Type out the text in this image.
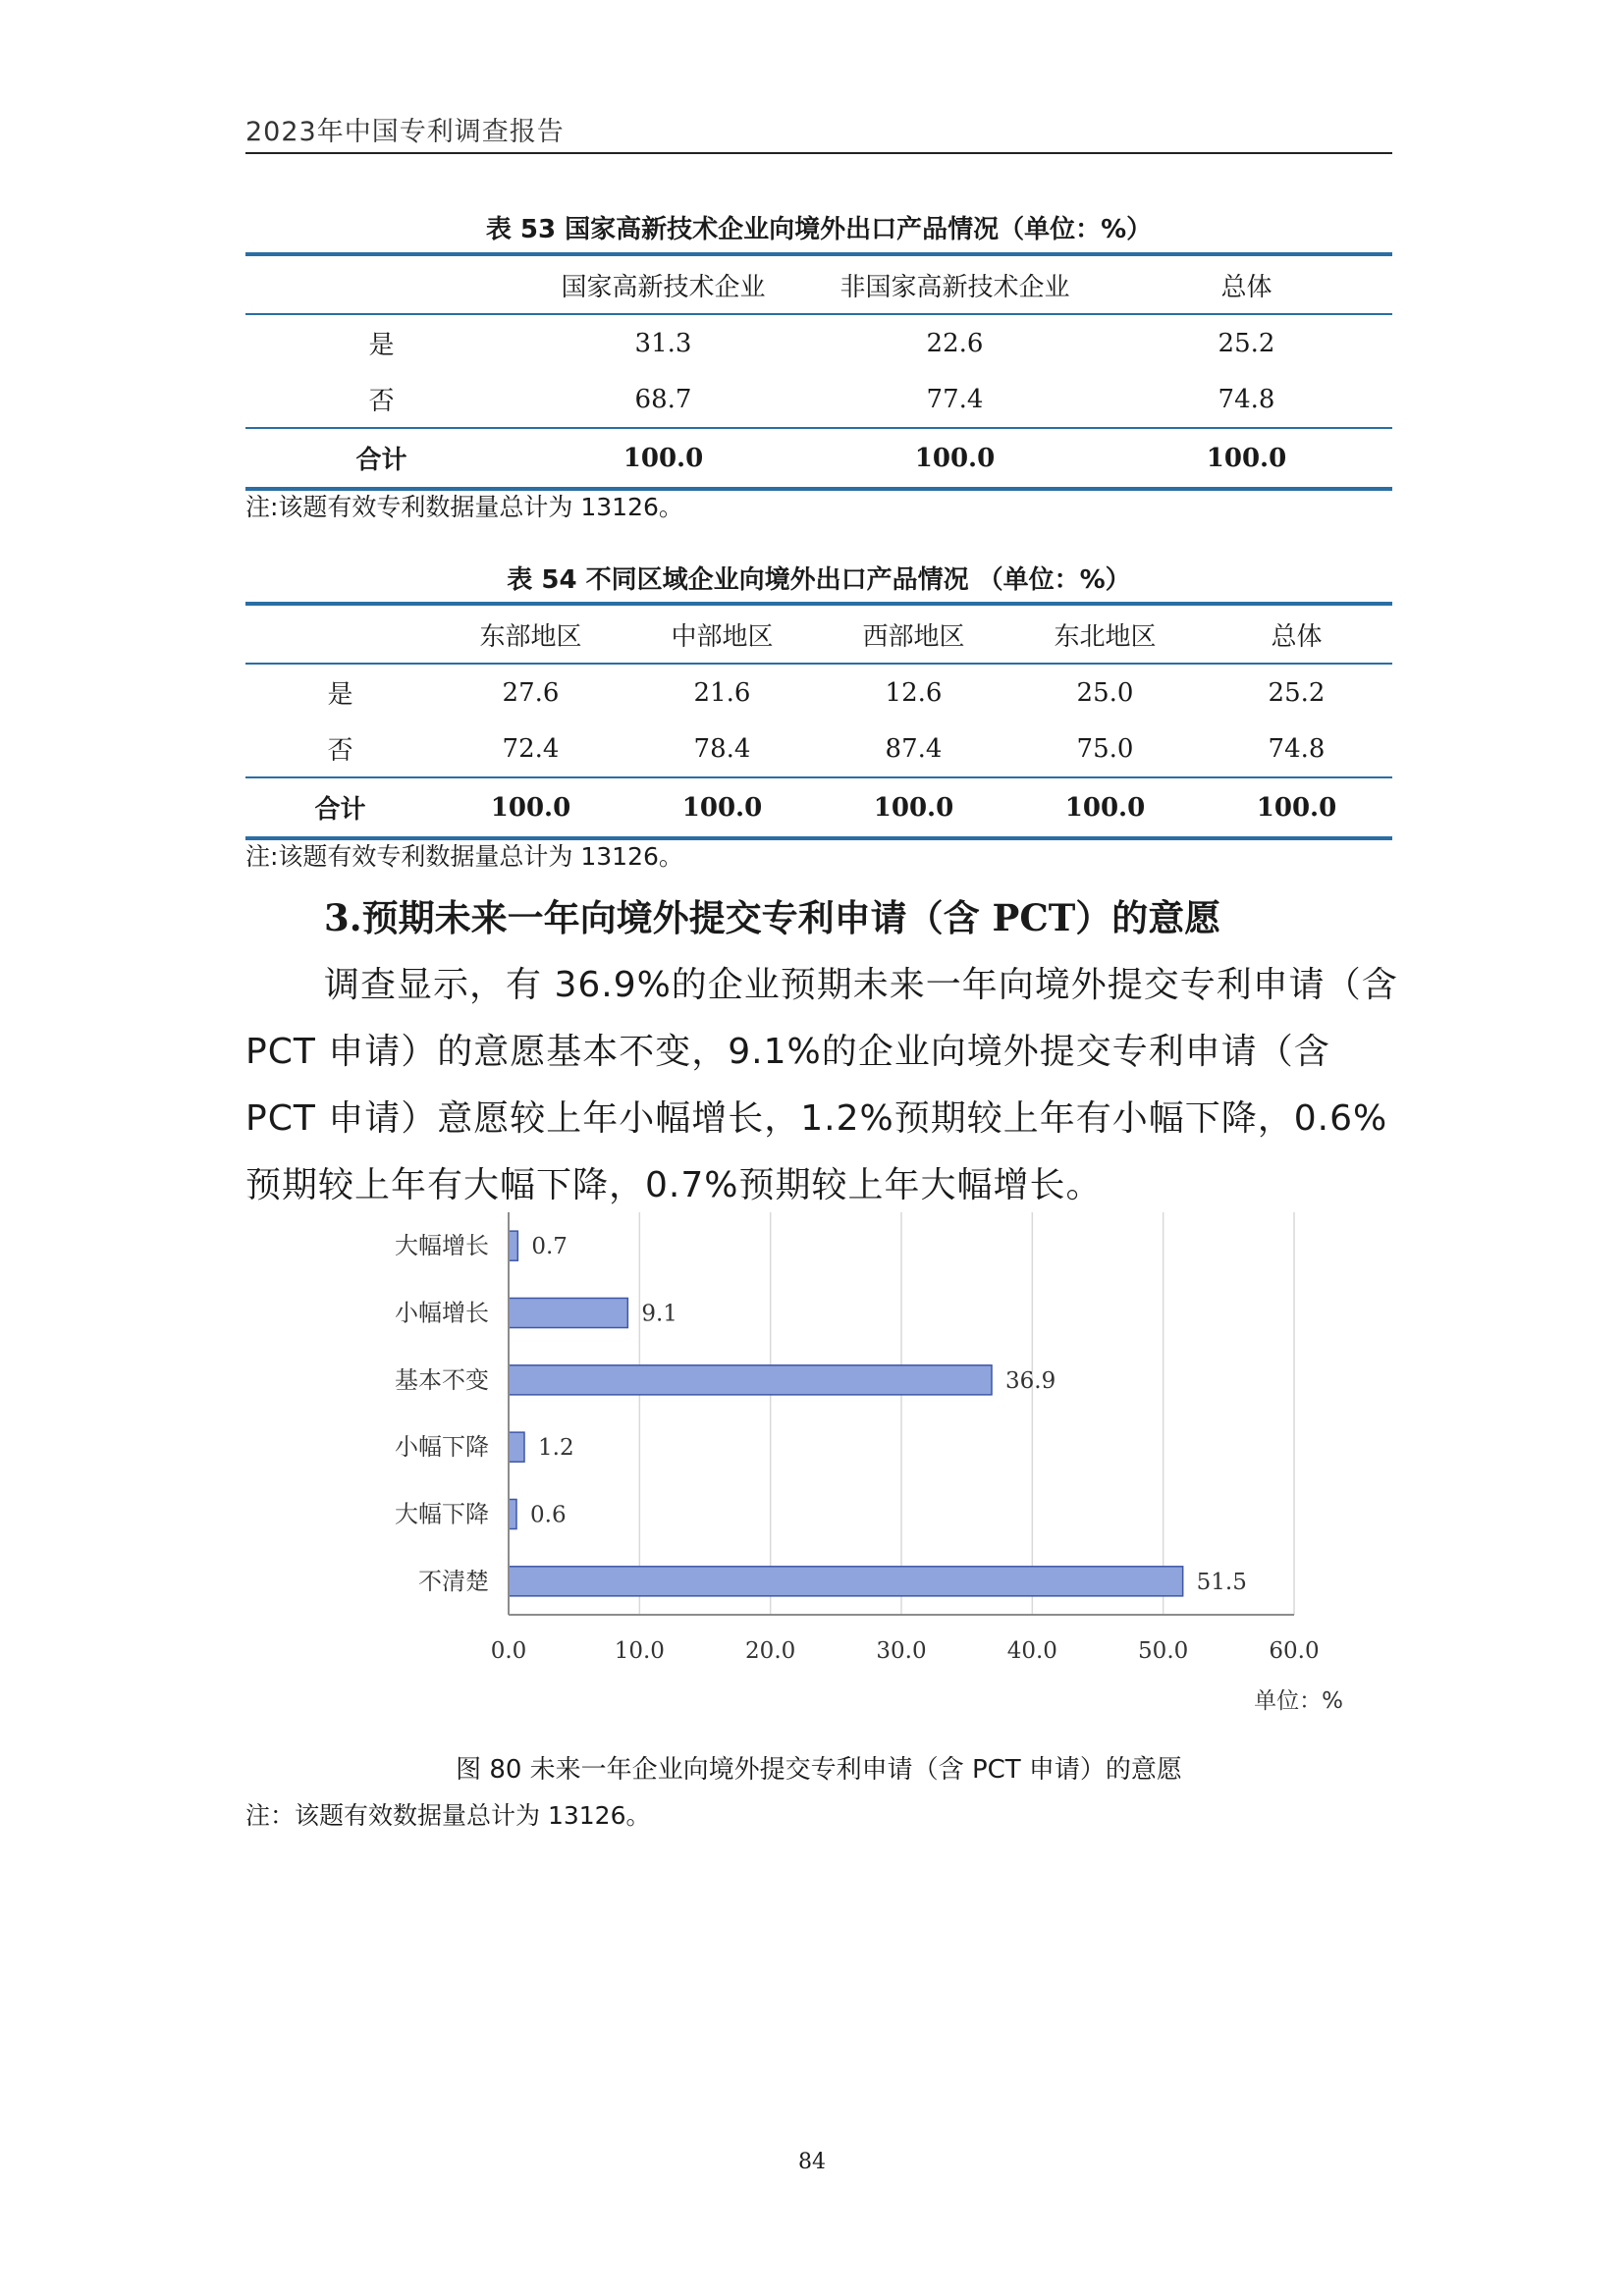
2023年中国专利调查报告
表 53 国家高新技术企业向境外出口产品情况（单位：%）
	国家高新技术企业	非国家高新技术企业	总体
是	31.3	22.6	25.2
否	68.7	77.4	74.8
合计	100.0	100.0	100.0
注:该题有效专利数据量总计为 13126。
表 54 不同区域企业向境外出口产品情况 （单位：%）
	东部地区	中部地区	西部地区	东北地区	总体
是	27.6	21.6	12.6	25.0	25.2
否	72.4	78.4	87.4	75.0	74.8
合计	100.0	100.0	100.0	100.0	100.0
注:该题有效专利数据量总计为 13126。
3.预期未来一年向境外提交专利申请（含 PCT）的意愿
调查显示，有 36.9%的企业预期未来一年向境外提交专利申请（含 PCT 申请）的意愿基本不变，9.1%的企业向境外提交专利申请（含 PCT 申请）意愿较上年小幅增长，1.2%预期较上年有小幅下降，0.6%预期较上年有大幅下降，0.7%预期较上年大幅增长。
0.7
大幅增长
9.1
小幅增长
36.9
基本不变
1.2
小幅下降
0.6
大幅下降
51.5
不清楚
0.0	10.0	20.0	30.0	40.0	50.0	60.0
单位：%
图 80 未来一年企业向境外提交专利申请（含 PCT 申请）的意愿
注：该题有效数据量总计为 13126。
84
